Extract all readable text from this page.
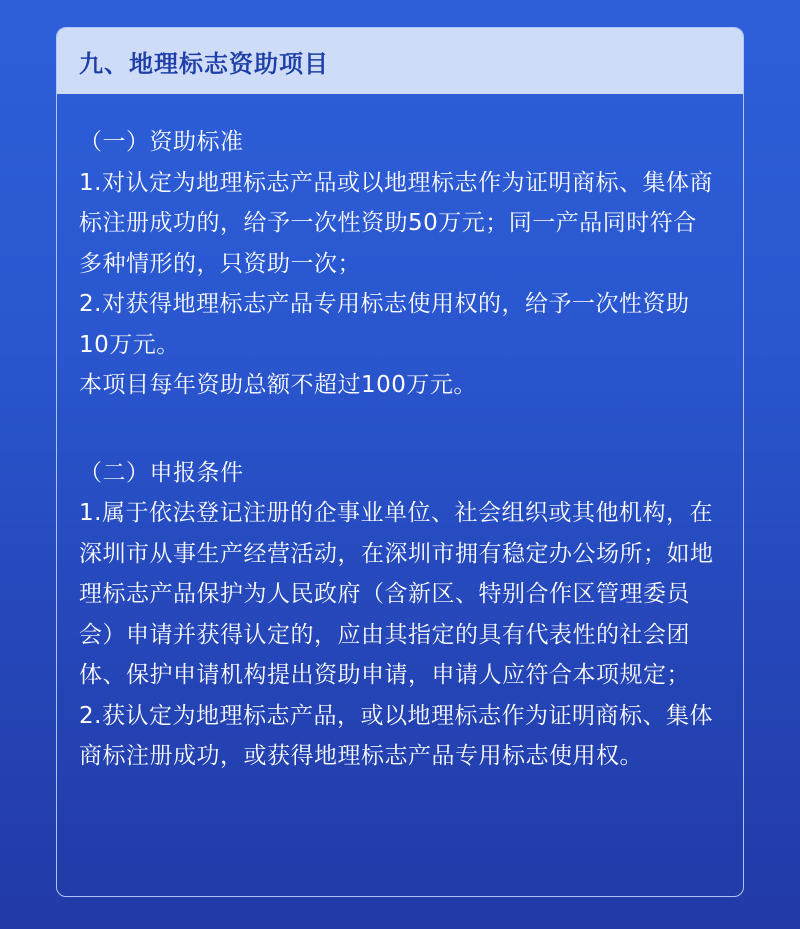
九、地理标志资助项目

（一）资助标准

1.对认定为地理标志产品或以地理标志作为证明商标、集体商标注册成功的，给予一次性资助50万元；同一产品同时符合多种情形的，只资助一次；

2.对获得地理标志产品专用标志使用权的，给予一次性资助10万元。

本项目每年资助总额不超过100万元。

（二）申报条件

1.属于依法登记注册的企事业单位、社会组织或其他机构，在深圳市从事生产经营活动，在深圳市拥有稳定办公场所；如地理标志产品保护为人民政府（含新区、特别合作区管理委员会）申请并获得认定的，应由其指定的具有代表性的社会团体、保护申请机构提出资助申请，申请人应符合本项规定；

2.获认定为地理标志产品，或以地理标志作为证明商标、集体商标注册成功，或获得地理标志产品专用标志使用权。
